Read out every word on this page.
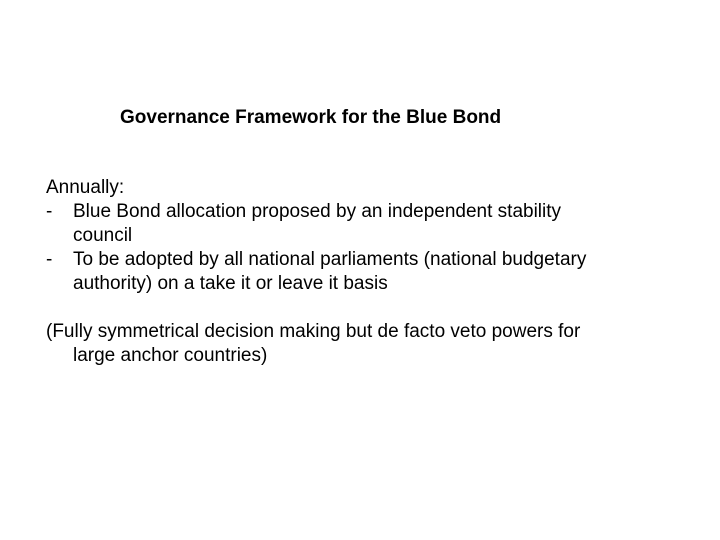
Governance Framework for the Blue Bond

Annually:

-	Blue Bond allocation proposed by an independent stability
council
-	To be adopted by all national parliaments (national budgetary
authority) on a take it or leave it basis
(Fully symmetrical decision making but de facto veto powers for
large anchor countries)
